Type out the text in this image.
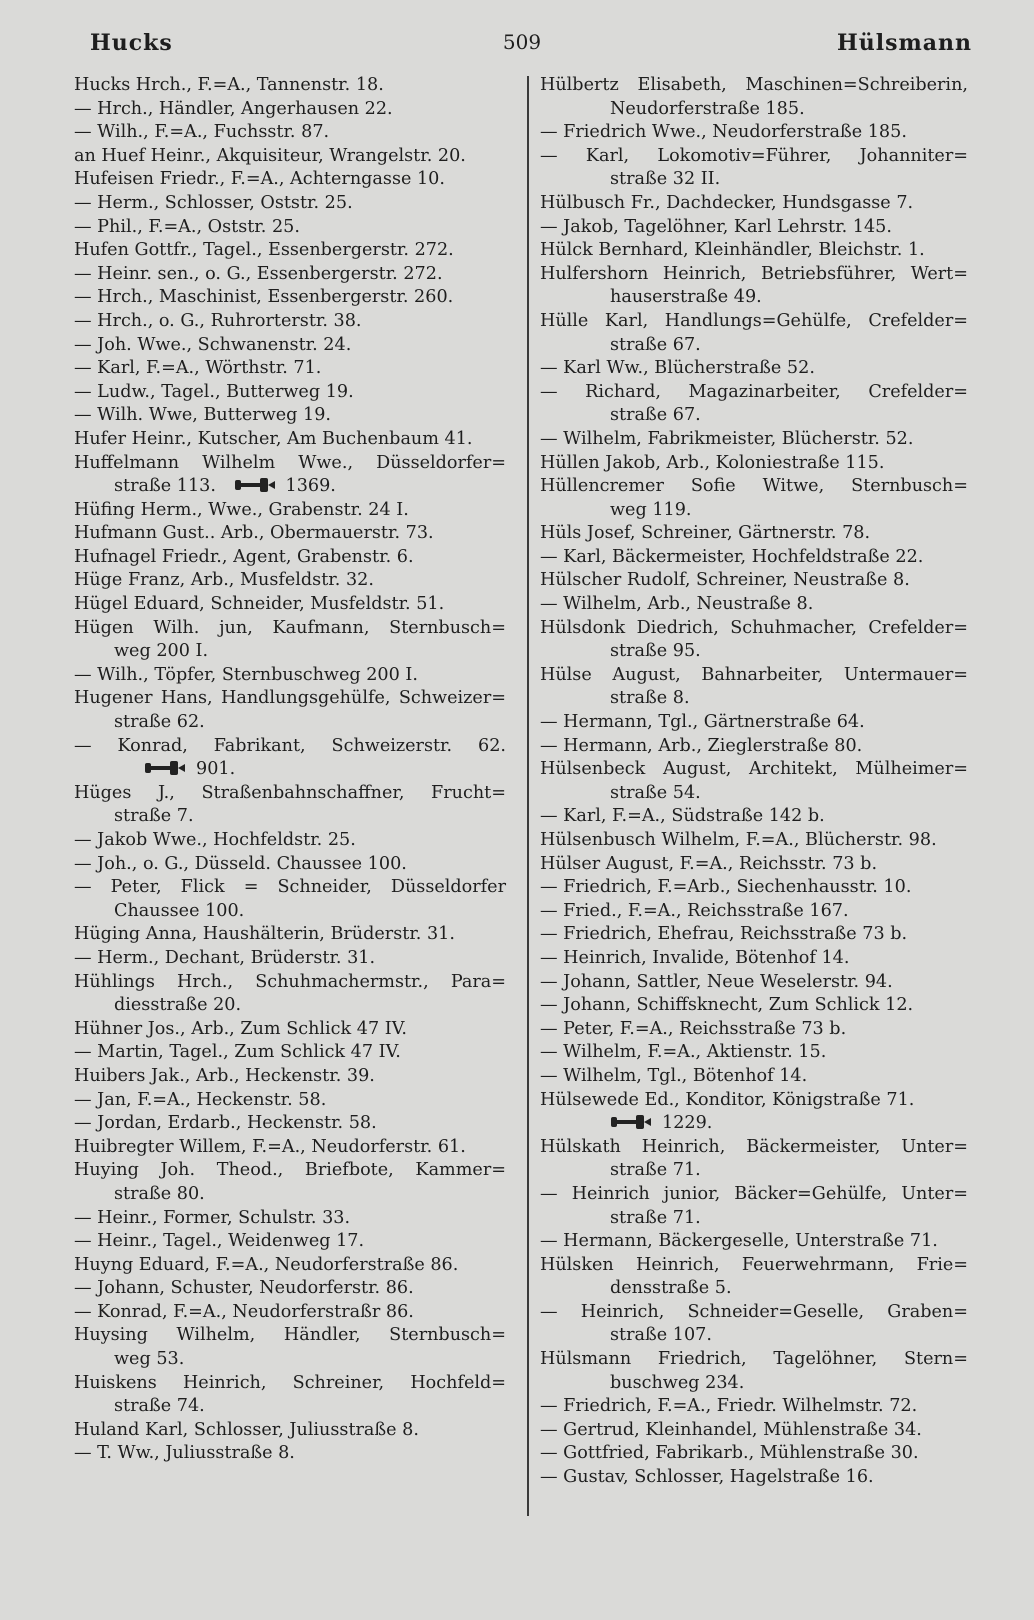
Hucks	509	Hülsmann
Hucks Hrch., F.=A., Tannenstr. 18.
— Hrch., Händler, Angerhausen 22.
— Wilh., F.=A., Fuchsstr. 87.
an Huef Heinr., Akquisiteur, Wrangelstr. 20.
Hufeisen Friedr., F.=A., Achterngasse 10.
— Herm., Schlosser, Oststr. 25.
— Phil., F.=A., Oststr. 25.
Hufen Gottfr., Tagel., Essenbergerstr. 272.
— Heinr. sen., o. G., Essenbergerstr. 272.
— Hrch., Maschinist, Essenbergerstr. 260.
— Hrch., o. G., Ruhrorterstr. 38.
— Joh. Wwe., Schwanenstr. 24.
— Karl, F.=A., Wörthstr. 71.
— Ludw., Tagel., Butterweg 19.
— Wilh. Wwe, Butterweg 19.
Hufer Heinr., Kutscher, Am Buchenbaum 41.
Huffelmann Wilhelm Wwe., Düsseldorfer=
straße 113. 	1369.
Hüfing Herm., Wwe., Grabenstr. 24 I.
Hufmann Gust.. Arb., Obermauerstr. 73.
Hufnagel Friedr., Agent, Grabenstr. 6.
Hüge Franz, Arb., Musfeldstr. 32.
Hügel Eduard, Schneider, Musfeldstr. 51.
Hügen Wilh. jun, Kaufmann, Sternbusch=
weg 200 I.
— Wilh., Töpfer, Sternbuschweg 200 I.
Hugener Hans, Handlungsgehülfe, Schweizer=
straße 62.
— Konrad, Fabrikant, Schweizerstr. 62.
901.
Hüges J., Straßenbahnschaffner, Frucht=
straße 7.
— Jakob Wwe., Hochfeldstr. 25.
— Joh., o. G., Düsseld. Chaussee 100.
— Peter, Flick = Schneider, Düsseldorfer
Chaussee 100.
Hüging Anna, Haushälterin, Brüderstr. 31.
— Herm., Dechant, Brüderstr. 31.
Hühlings Hrch., Schuhmachermstr., Para=
diesstraße 20.
Hühner Jos., Arb., Zum Schlick 47 IV.
— Martin, Tagel., Zum Schlick 47 IV.
Huibers Jak., Arb., Heckenstr. 39.
— Jan, F.=A., Heckenstr. 58.
— Jordan, Erdarb., Heckenstr. 58.
Huibregter Willem, F.=A., Neudorferstr. 61.
Huying Joh. Theod., Briefbote, Kammer=
straße 80.
— Heinr., Former, Schulstr. 33.
— Heinr., Tagel., Weidenweg 17.
Huyng Eduard, F.=A., Neudorferstraße 86.
— Johann, Schuster, Neudorferstr. 86.
— Konrad, F.=A., Neudorferstraßr 86.
Huysing Wilhelm, Händler, Sternbusch=
weg 53.
Huiskens Heinrich, Schreiner, Hochfeld=
straße 74.
Huland Karl, Schlosser, Juliusstraße 8.
— T. Ww., Juliusstraße 8.
Hülbertz Elisabeth, Maschinen=Schreiberin,
Neudorferstraße 185.
— Friedrich Wwe., Neudorferstraße 185.
— Karl, Lokomotiv=Führer, Johanniter=
straße 32 II.
Hülbusch Fr., Dachdecker, Hundsgasse 7.
— Jakob, Tagelöhner, Karl Lehrstr. 145.
Hülck Bernhard, Kleinhändler, Bleichstr. 1.
Hulfershorn Heinrich, Betriebsführer, Wert=
hauserstraße 49.
Hülle Karl, Handlungs=Gehülfe, Crefelder=
straße 67.
— Karl Ww., Blücherstraße 52.
— Richard, Magazinarbeiter, Crefelder=
straße 67.
— Wilhelm, Fabrikmeister, Blücherstr. 52.
Hüllen Jakob, Arb., Koloniestraße 115.
Hüllencremer Sofie Witwe, Sternbusch=
weg 119.
Hüls Josef, Schreiner, Gärtnerstr. 78.
— Karl, Bäckermeister, Hochfeldstraße 22.
Hülscher Rudolf, Schreiner, Neustraße 8.
— Wilhelm, Arb., Neustraße 8.
Hülsdonk Diedrich, Schuhmacher, Crefelder=
straße 95.
Hülse August, Bahnarbeiter, Untermauer=
straße 8.
— Hermann, Tgl., Gärtnerstraße 64.
— Hermann, Arb., Zieglerstraße 80.
Hülsenbeck August, Architekt, Mülheimer=
straße 54.
— Karl, F.=A., Südstraße 142 b.
Hülsenbusch Wilhelm, F.=A., Blücherstr. 98.
Hülser August, F.=A., Reichsstr. 73 b.
— Friedrich, F.=Arb., Siechenhausstr. 10.
— Fried., F.=A., Reichsstraße 167.
— Friedrich, Ehefrau, Reichsstraße 73 b.
— Heinrich, Invalide, Bötenhof 14.
— Johann, Sattler, Neue Weselerstr. 94.
— Johann, Schiffsknecht, Zum Schlick 12.
— Peter, F.=A., Reichsstraße 73 b.
— Wilhelm, F.=A., Aktienstr. 15.
— Wilhelm, Tgl., Bötenhof 14.
Hülsewede Ed., Konditor, Königstraße 71.
1229.
Hülskath Heinrich, Bäckermeister, Unter=
straße 71.
— Heinrich junior, Bäcker=Gehülfe, Unter=
straße 71.
— Hermann, Bäckergeselle, Unterstraße 71.
Hülsken Heinrich, Feuerwehrmann, Frie=
densstraße 5.
— Heinrich, Schneider=Geselle, Graben=
straße 107.
Hülsmann Friedrich, Tagelöhner, Stern=
buschweg 234.
— Friedrich, F.=A., Friedr. Wilhelmstr. 72.
— Gertrud, Kleinhandel, Mühlenstraße 34.
— Gottfried, Fabrikarb., Mühlenstraße 30.
— Gustav, Schlosser, Hagelstraße 16.
